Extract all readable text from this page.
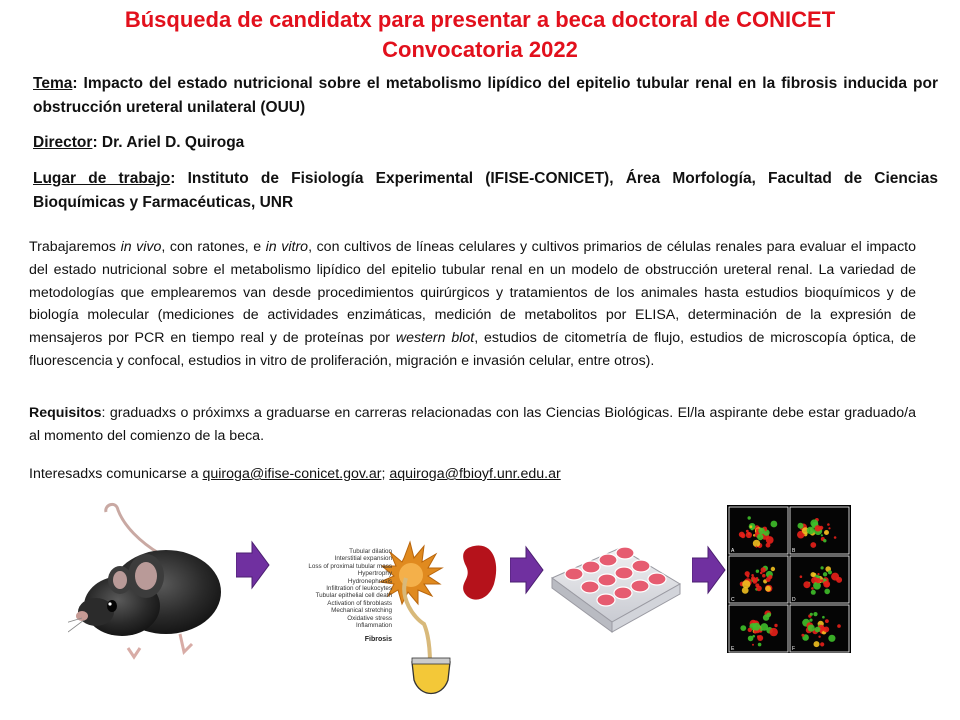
Búsqueda de candidatx para presentar a beca doctoral de CONICET
Convocatoria 2022
Tema: Impacto del estado nutricional sobre el metabolismo lipídico del epitelio tubular renal en la fibrosis inducida por obstrucción ureteral unilateral (OUU)
Director: Dr. Ariel D. Quiroga
Lugar de trabajo: Instituto de Fisiología Experimental (IFISE-CONICET), Área Morfología, Facultad de Ciencias Bioquímicas y Farmacéuticas, UNR
Trabajaremos in vivo, con ratones, e in vitro, con cultivos de líneas celulares y cultivos primarios de células renales para evaluar el impacto del estado nutricional sobre el metabolismo lipídico del epitelio tubular renal en un modelo de obstrucción ureteral renal. La variedad de metodologías que emplearemos van desde procedimientos quirúrgicos y tratamientos de los animales hasta estudios bioquímicos y de biología molecular (mediciones de actividades enzimáticas, medición de metabolitos por ELISA, determinación de la expresión de mensajeros por PCR en tiempo real y de proteínas por western blot, estudios de citometría de flujo, estudios de microscopía óptica, de fluorescencia y confocal, estudios in vitro de proliferación, migración e invasión celular, entre otros).
Requisitos: graduadxs o próximxs a graduarse en carreras relacionadas con las Ciencias Biológicas. El/la aspirante debe estar graduado/a al momento del comienzo de la beca.
Interesadxs comunicarse a quiroga@ifise-conicet.gov.ar; aquiroga@fbioyf.unr.edu.ar
Tubular dilation
Interstitial expansion
Loss of proximal tubular mass
Hypertrophy
Hydronephrosis
Infiltration of leukocytes
Tubular epithelial cell death
Activation of fibroblasts
Mechanical stretching
Oxidative stress
Inflammation
Fibrosis
A	B
C	D
E	F
